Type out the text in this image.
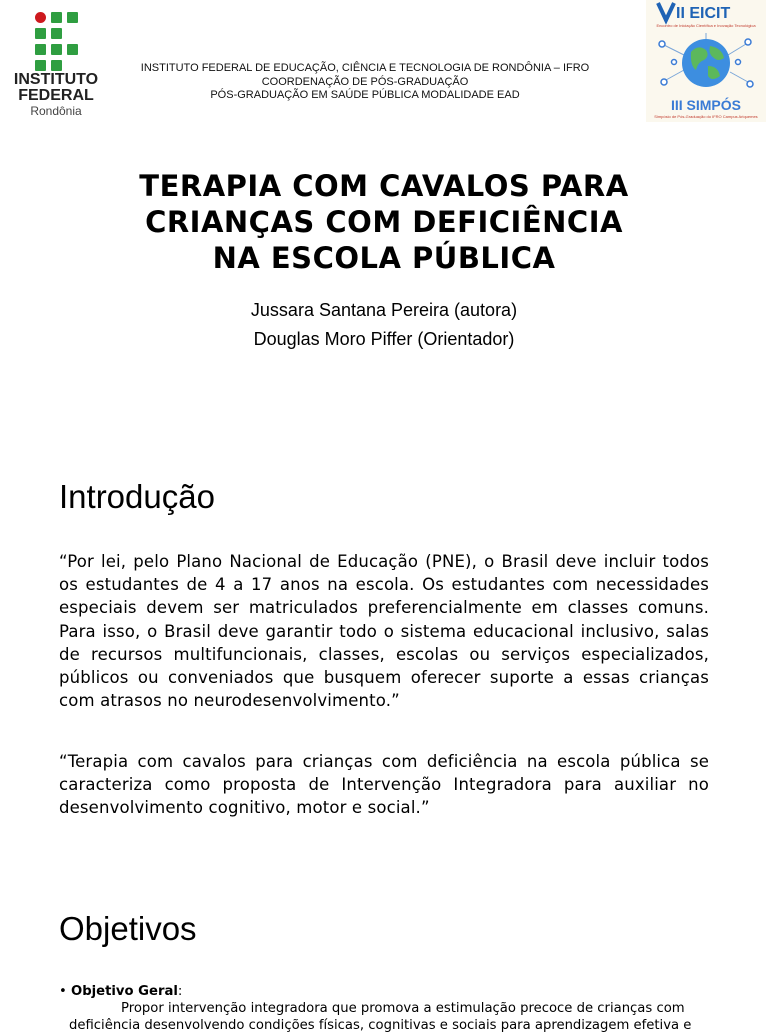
INSTITUTO
FEDERAL
Rondônia
INSTITUTO FEDERAL DE EDUCAÇÃO, CIÊNCIA E TECNOLOGIA DE RONDÔNIA – IFRO
COORDENAÇÃO DE PÓS-GRADUAÇÃO
PÓS-GRADUAÇÃO EM SAÚDE PÚBLICA MODALIDADE EAD
II EICIT
Encontro de Iniciação Científica e Inovação Tecnológica
III SIMPÓS
Simpósio de Pós-Graduação do IFRO Campus Ariquemes
TERAPIA COM CAVALOS PARA
CRIANÇAS COM DEFICIÊNCIA
NA ESCOLA PÚBLICA
Jussara Santana Pereira (autora)
Douglas Moro Piffer (Orientador)
Introdução
“Por lei, pelo Plano Nacional de Educação (PNE), o Brasil deve incluir todos os estudantes de 4 a 17 anos na escola. Os estudantes com necessidades especiais devem ser matriculados preferencialmente em classes comuns. Para isso, o Brasil deve garantir todo o sistema educacional inclusivo, salas de recursos multifuncionais, classes, escolas ou serviços especializados, públicos ou conveniados que busquem oferecer suporte a essas crianças com atrasos no neurodesenvolvimento.”
“Terapia com cavalos para crianças com deficiência na escola pública se caracteriza como proposta de Intervenção Integradora para auxiliar no desenvolvimento cognitivo, motor e social.”
Objetivos
• Objetivo Geral:
Propor intervenção integradora que promova a estimulação precoce de crianças com deficiência desenvolvendo condições físicas, cognitivas e sociais para aprendizagem efetiva e
